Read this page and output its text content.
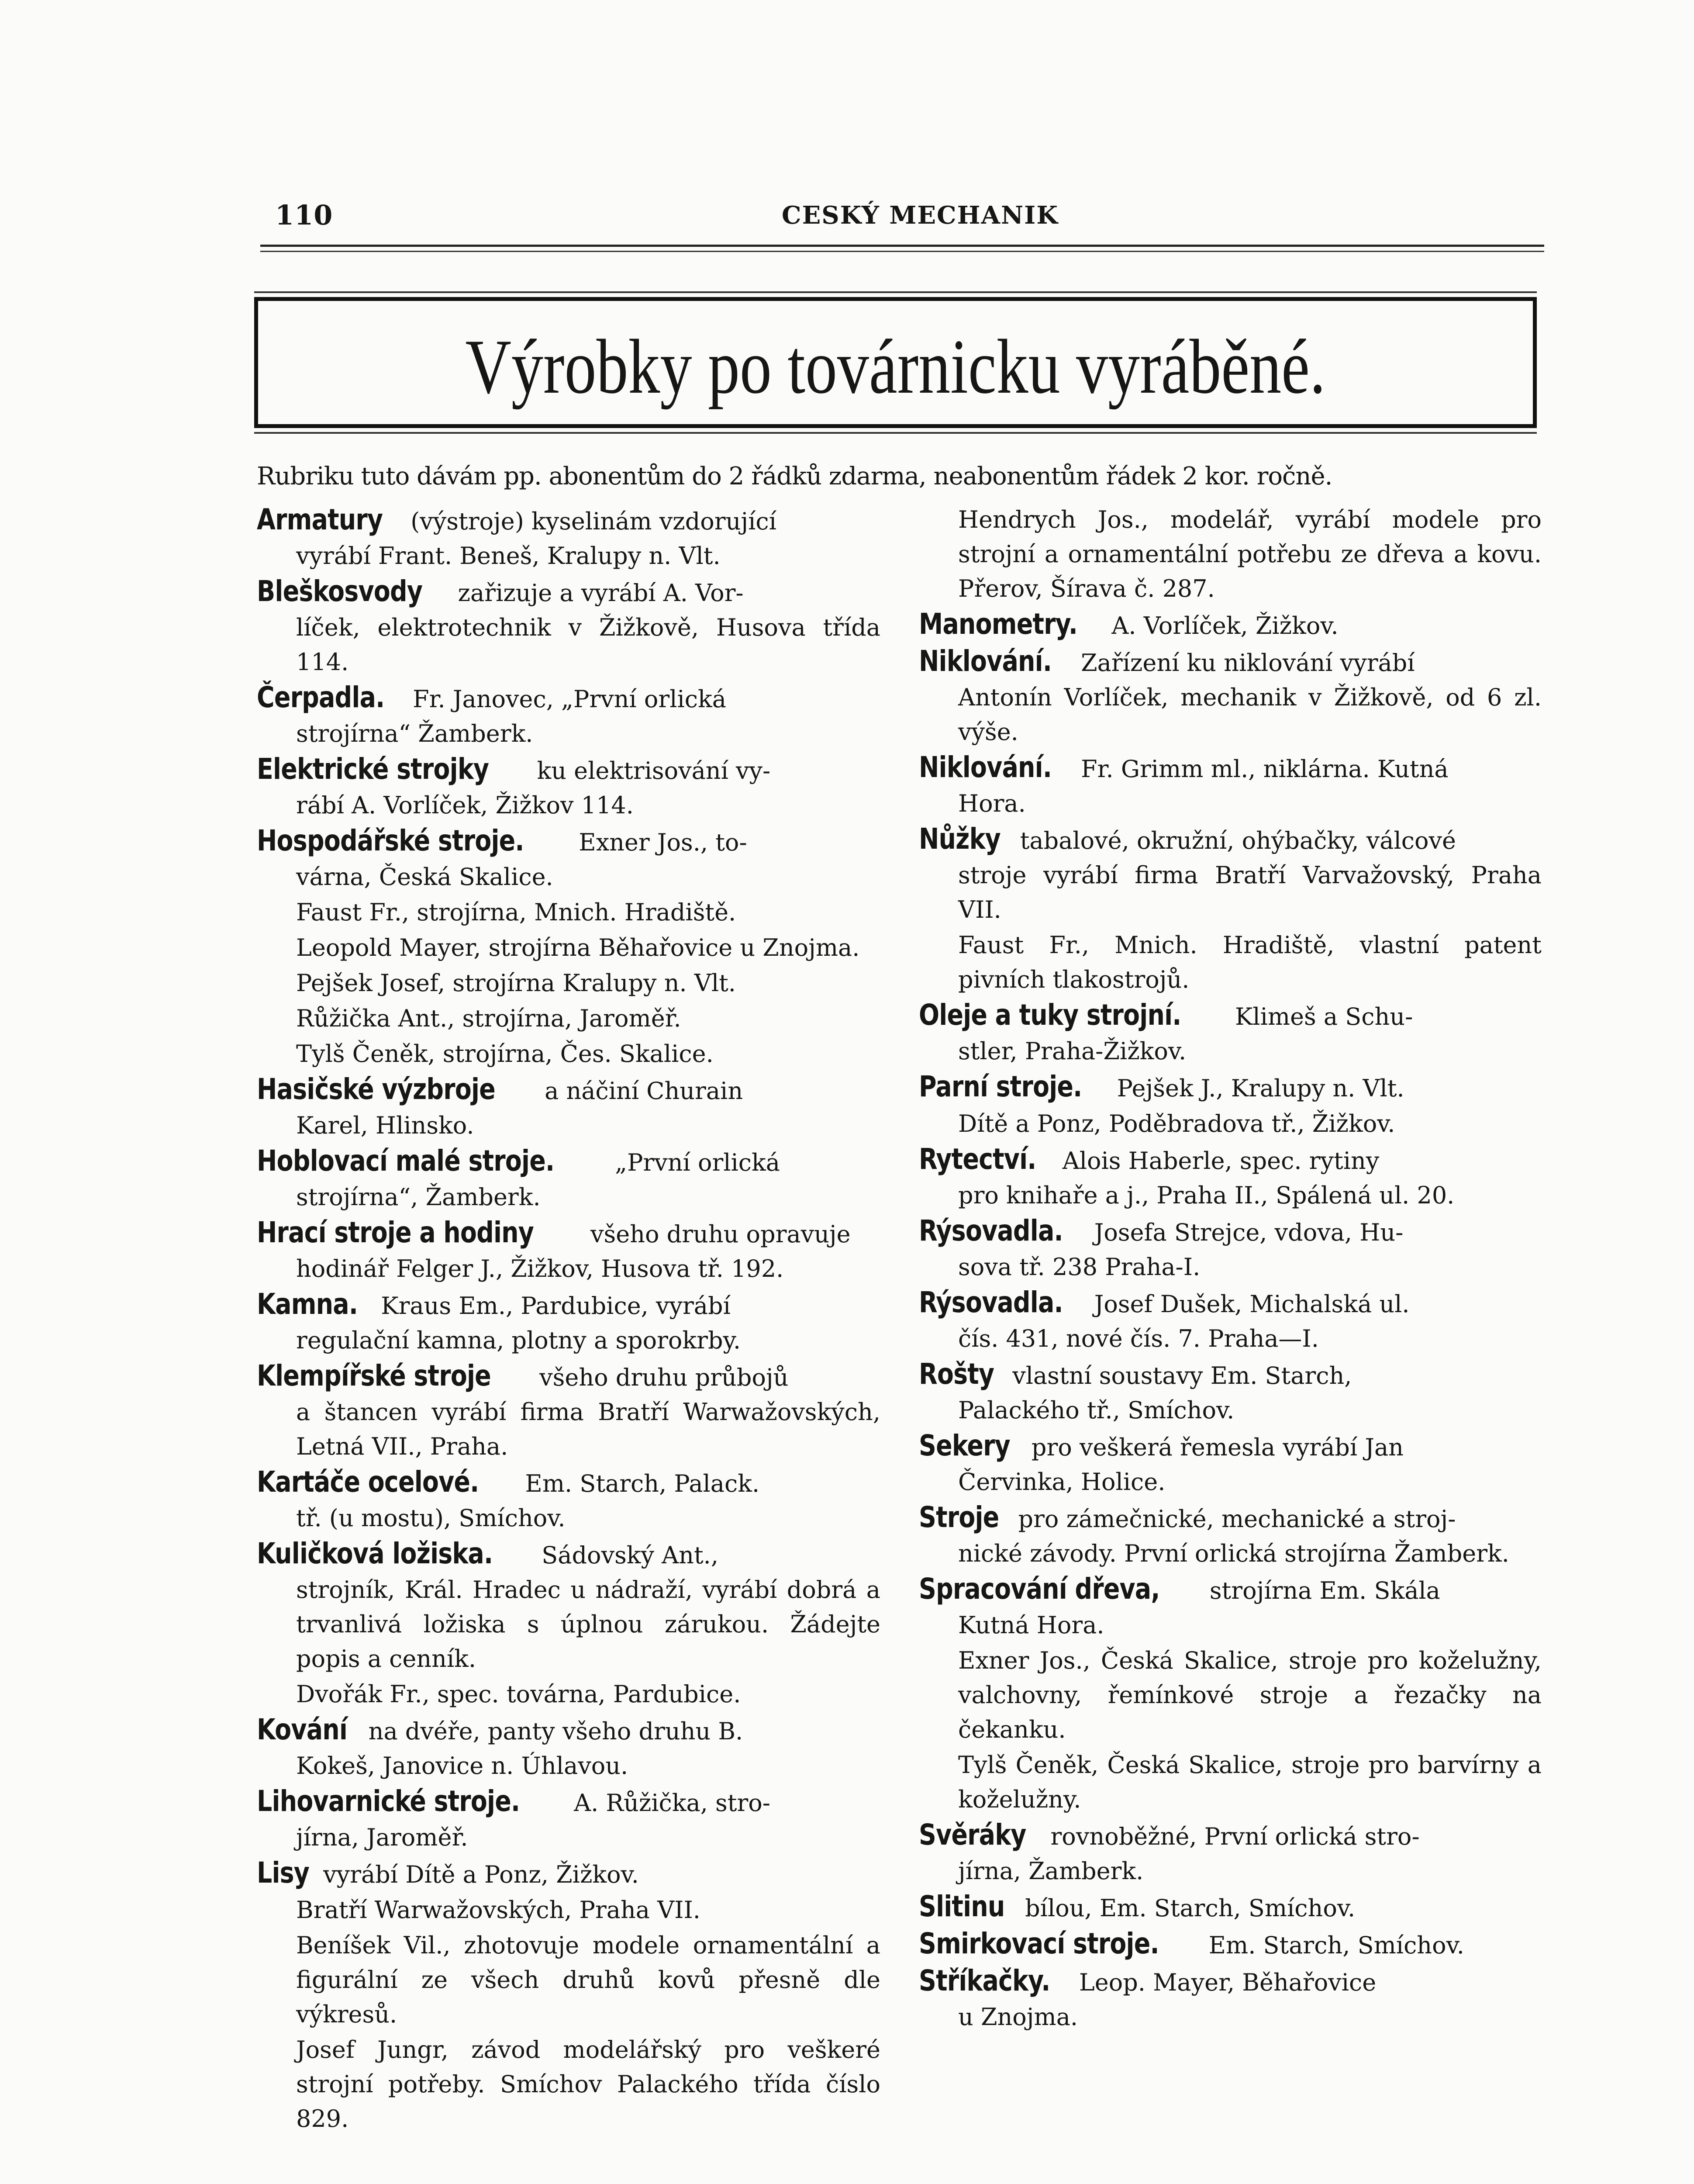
110	CESKÝ MECHANIK
Výrobky po továrnicku vyráběné.
Rubriku tuto dávám pp. abonentům do 2 řádků zdarma, neabonentům řádek 2 kor. ročně.
Armatury (výstroje) kyselinám vzdorující
vyrábí Frant. Beneš, Kralupy n. Vlt.
Bleškosvody zařizuje a vyrábí A. Vor-
líček, elektrotechnik v Žižkově, Husova třída 114.
Čerpadla. Fr. Janovec, „První orlická
strojírna“ Žamberk.
Elektrické strojky ku elektrisování vy-
rábí A. Vorlíček, Žižkov 114.
Hospodářské stroje. Exner Jos., to-
várna, Česká Skalice.
Faust Fr., strojírna, Mnich. Hradiště.
Leopold Mayer, strojírna Běhařovice u Znojma.
Pejšek Josef, strojírna Kralupy n. Vlt.
Růžička Ant., strojírna, Jaroměř.
Tylš Čeněk, strojírna, Čes. Skalice.
Hasičské výzbroje a náčiní Churain
Karel, Hlinsko.
Hoblovací malé stroje. „První orlická
strojírna“, Žamberk.
Hrací stroje a hodiny všeho druhu opravuje
hodinář Felger J., Žižkov, Husova tř. 192.
Kamna. Kraus Em., Pardubice, vyrábí
regulační kamna, plotny a sporokrby.
Klempířské stroje všeho druhu průbojů
a štancen vyrábí firma Bratří Warwažovských, Letná VII., Praha.
Kartáče ocelové. Em. Starch, Palack.
tř. (u mostu), Smíchov.
Kuličková ložiska. Sádovský Ant.,
strojník, Král. Hradec u nádraží, vyrábí dobrá a trvanlivá ložiska s úplnou zárukou. Žádejte popis a cenník.
Dvořák Fr., spec. továrna, Pardubice.
Kování na dvéře, panty všeho druhu B.
Kokeš, Janovice n. Úhlavou.
Lihovarnické stroje. A. Růžička, stro-
jírna, Jaroměř.
Lisy vyrábí Dítě a Ponz, Žižkov.
Bratří Warwažovských, Praha VII.
Beníšek Vil., zhotovuje modele ornamentální a figurální ze všech druhů kovů přesně dle výkresů.
Josef Jungr, závod modelářský pro veškeré strojní potřeby. Smíchov Palackého třída číslo 829.
Hendrych Jos., modelář, vyrábí modele pro strojní a ornamentální potřebu ze dřeva a kovu. Přerov, Šírava č. 287.
Manometry. A. Vorlíček, Žižkov.
Niklování. Zařízení ku niklování vyrábí
Antonín Vorlíček, mechanik v Žižkově, od 6 zl. výše.
Niklování. Fr. Grimm ml., niklárna. Kutná
Hora.
Nůžky tabalové, okružní, ohýbačky, válcové
stroje vyrábí firma Bratří Varvažovský, Praha VII.
Faust Fr., Mnich. Hradiště, vlastní patent pivních tlakostrojů.
Oleje a tuky strojní. Klimeš a Schu-
stler, Praha-Žižkov.
Parní stroje. Pejšek J., Kralupy n. Vlt.
Dítě a Ponz, Poděbradova tř., Žižkov.
Rytectví. Alois Haberle, spec. rytiny
pro knihaře a j., Praha II., Spálená ul. 20.
Rýsovadla. Josefa Strejce, vdova, Hu-
sova tř. 238 Praha-I.
Rýsovadla. Josef Dušek, Michalská ul.
čís. 431, nové čís. 7. Praha—I.
Rošty vlastní soustavy Em. Starch,
Palackého tř., Smíchov.
Sekery pro veškerá řemesla vyrábí Jan
Červinka, Holice.
Stroje pro zámečnické, mechanické a stroj-
nické závody. První orlická strojírna Žamberk.
Spracování dřeva, strojírna Em. Skála
Kutná Hora.
Exner Jos., Česká Skalice, stroje pro koželužny, valchovny, řemínkové stroje a řezačky na čekanku.
Tylš Čeněk, Česká Skalice, stroje pro barvírny a koželužny.
Svěráky rovnoběžné, První orlická stro-
jírna, Žamberk.
Slitinu bílou, Em. Starch, Smíchov.
Smirkovací stroje. Em. Starch, Smíchov.
Stříkačky. Leop. Mayer, Běhařovice
u Znojma.
